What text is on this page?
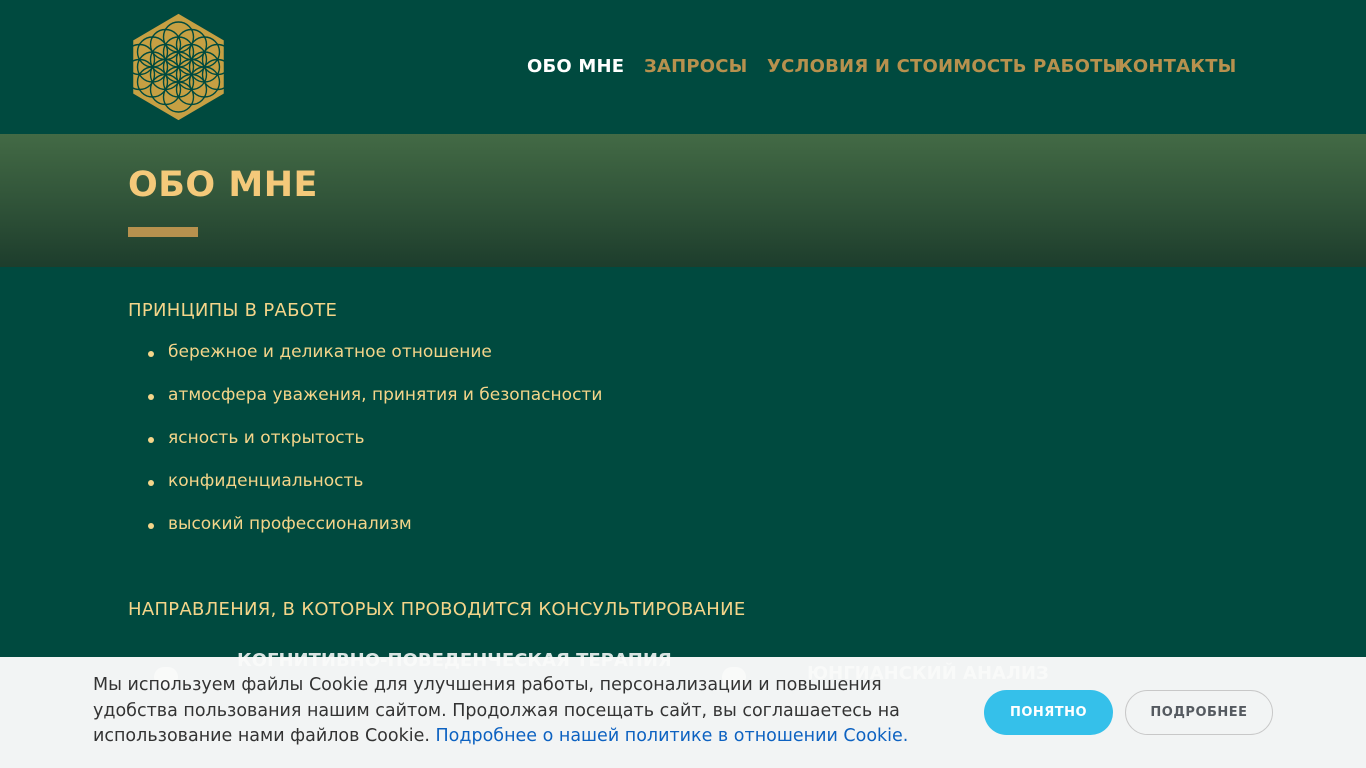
ОБО МНЕ ЗАПРОСЫ УСЛОВИЯ И СТОИМОСТЬ РАБОТЫ
КОНТАКТЫ
ОБО МНЕ
ПРИНЦИПЫ В РАБОТЕ
бережное и деликатное отношение
атмосфера уважения, принятия и безопасности
ясность и открытость
конфиденциальность
высокий профессионализм
НАПРАВЛЕНИЯ, В КОТОРЫХ ПРОВОДИТСЯ КОНСУЛЬТИРОВАНИЕ
Мы используем файлы Cookie для улучшения работы, персонализации и повышения удобства пользования нашим сайтом. Продолжая посещать сайт, вы соглашаетесь на использование нами файлов Cookie. Подробнее о нашей политике в отношении Cookie.
ПОНЯТНО	ПОДРОБНЕЕ
